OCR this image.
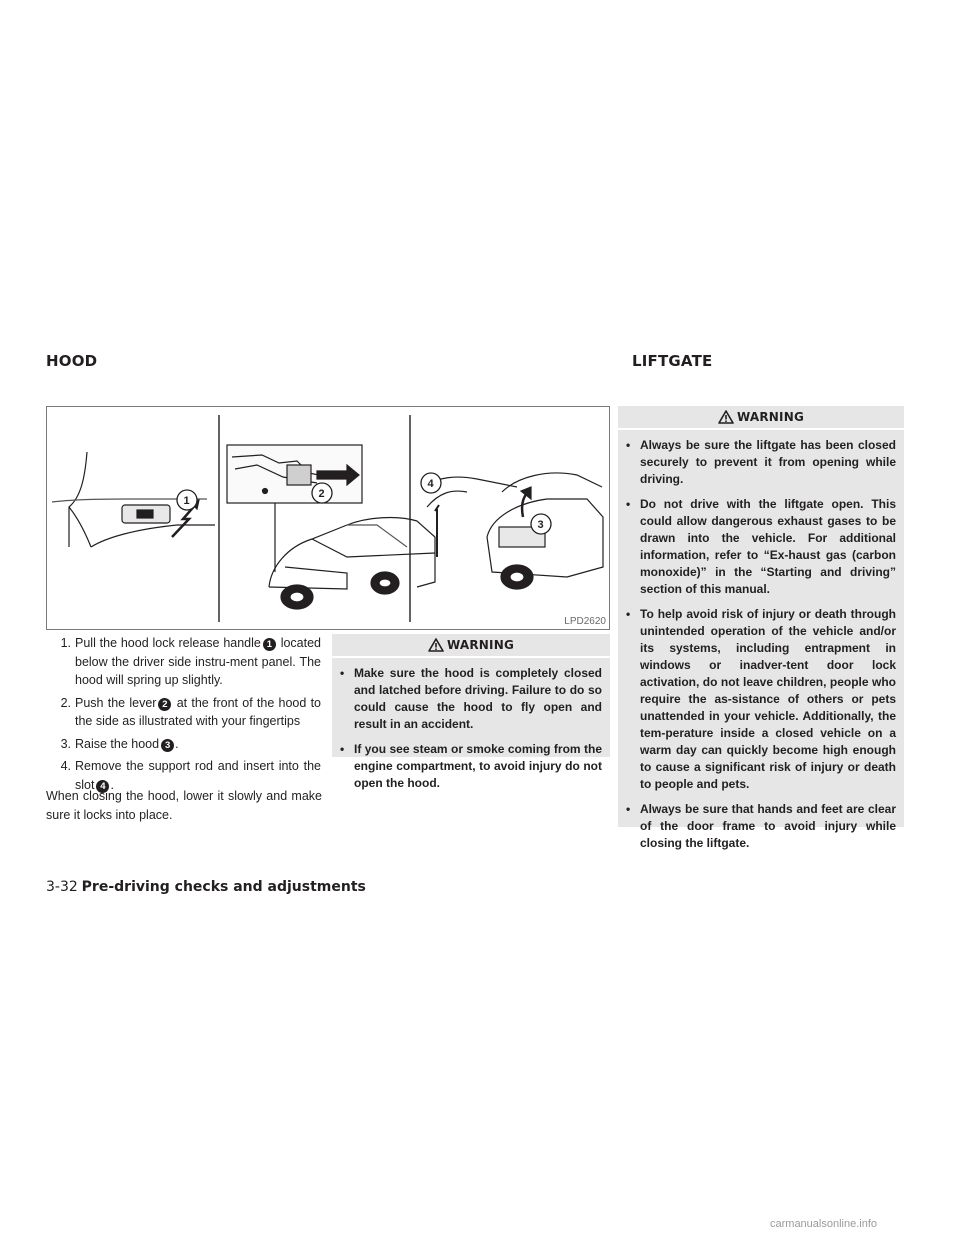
HOOD	LIFTGATE
1
2
3
4
LPD2620
1. Pull the hood lock release handle 1 located below the driver side instru-ment panel. The hood will spring up slightly.
2. Push the lever 2 at the front of the hood to the side as illustrated with your fingertips
3. Raise the hood 3 .
4. Remove the support rod and insert into the slot 4 .
When closing the hood, lower it slowly and make sure it locks into place.
WARNING
• Make sure the hood is completely closed and latched before driving. Failure to do so could cause the hood to fly open and result in an accident.
• If you see steam or smoke coming from the engine compartment, to avoid injury do not open the hood.
WARNING
• Always be sure the liftgate has been closed securely to prevent it from opening while driving.
• Do not drive with the liftgate open. This could allow dangerous exhaust gases to be drawn into the vehicle. For additional information, refer to “Ex-haust gas (carbon monoxide)” in the “Starting and driving” section of this manual.
• To help avoid risk of injury or death through unintended operation of the vehicle and/or its systems, including entrapment in windows or inadver-tent door lock activation, do not leave children, people who require the as-sistance of others or pets unattended in your vehicle. Additionally, the tem-perature inside a closed vehicle on a warm day can quickly become high enough to cause a significant risk of injury or death to people and pets.
• Always be sure that hands and feet are clear of the door frame to avoid injury while closing the liftgate.
3-32 Pre-driving checks and adjustments
carmanualsonline.info
